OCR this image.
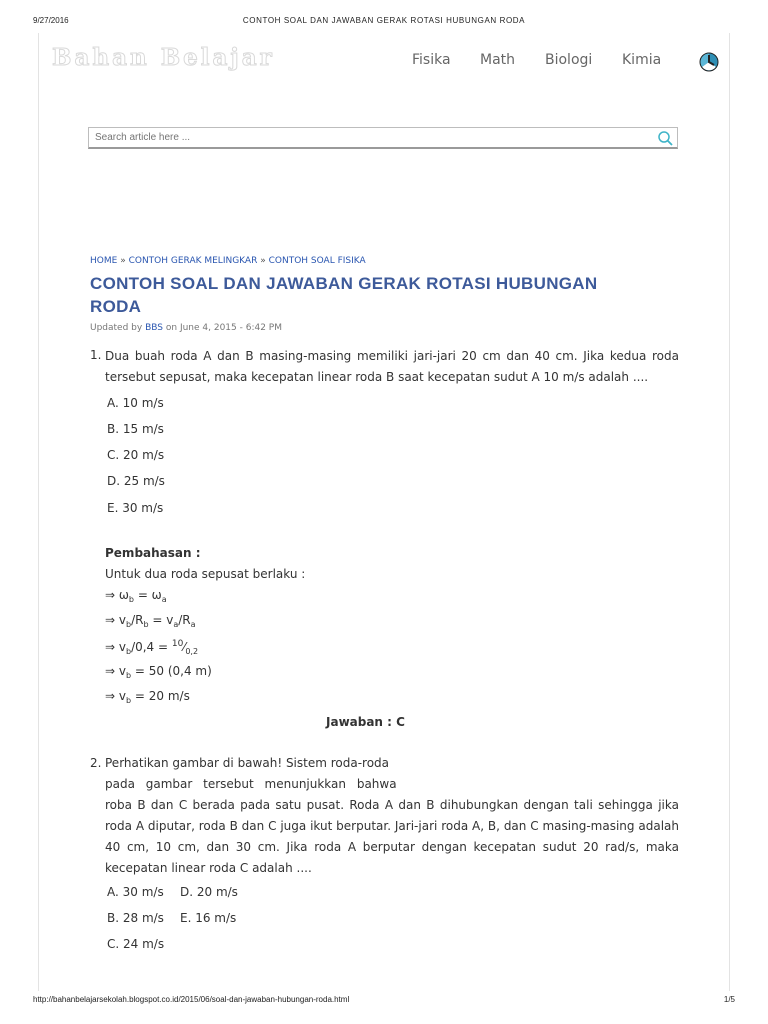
9/27/2016	CONTOH SOAL DAN JAWABAN GERAK ROTASI HUBUNGAN RODA
Bahan Belajar	Fisika Math Biologi Kimia
Search article here ...
HOME » CONTOH GERAK MELINGKAR » CONTOH SOAL FISIKA
CONTOH SOAL DAN JAWABAN GERAK ROTASI HUBUNGAN RODA
Updated by BBS on June 4, 2015 - 6:42 PM
1. Dua buah roda A dan B masing-masing memiliki jari-jari 20 cm dan 40 cm. Jika kedua roda tersebut sepusat, maka kecepatan linear roda B saat kecepatan sudut A 10 m/s adalah ....
A. 10 m/s
B. 15 m/s
C. 20 m/s
D. 25 m/s
E. 30 m/s
Pembahasan :
Untuk dua roda sepusat berlaku :
⇒ $\omega_b = \omega_a$
⇒ $v_b/R_b = v_a/R_a$
⇒ $v_b/0,4$ = $^{10}⁄_{0,2}$
⇒ $v_b = 50$ (0,4 m)
⇒ $v_b = 20$ m/s
Jawaban : C
2. Perhatikan gambar di bawah! Sistem roda-roda
pada gambar tersebut menunjukkan bahwa
roba B dan C berada pada satu pusat. Roda A dan B dihubungkan dengan tali sehingga jika roda A diputar, roda B dan C juga ikut berputar. Jari-jari roda A, B, dan C masing-masing adalah 40 cm, 10 cm, dan 30 cm. Jika roda A berputar dengan kecepatan sudut 20 rad/s, maka kecepatan linear roda C adalah ....
A. 30 m/s D. 20 m/s
B. 28 m/s E. 16 m/s
C. 24 m/s
http://bahanbelajarsekolah.blogspot.co.id/2015/06/soal-dan-jawaban-hubungan-roda.html	1/5
